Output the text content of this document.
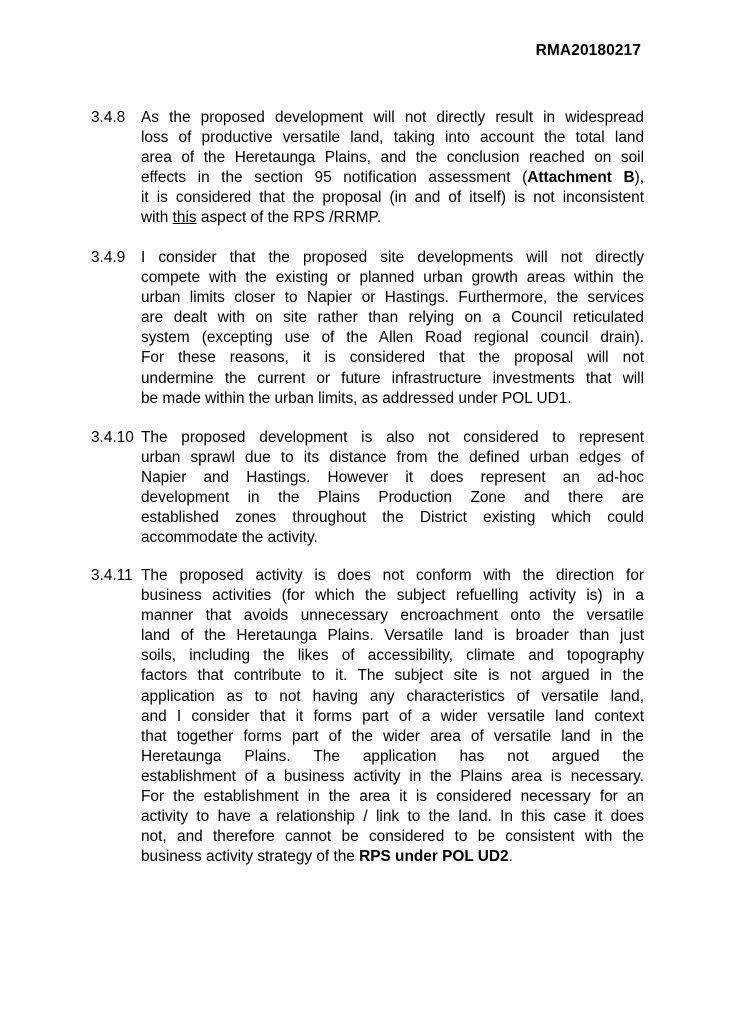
RMA20180217
3.4.8 As the proposed development will not directly result in widespread
loss of productive versatile land, taking into account the total land
area of the Heretaunga Plains, and the conclusion reached on soil
effects in the section 95 notification assessment (Attachment B),
it is considered that the proposal (in and of itself) is not inconsistent
with this aspect of the RPS /RRMP.
3.4.9 I consider that the proposed site developments will not directly
compete with the existing or planned urban growth areas within the
urban limits closer to Napier or Hastings. Furthermore, the services
are dealt with on site rather than relying on a Council reticulated
system (excepting use of the Allen Road regional council drain).
For these reasons, it is considered that the proposal will not
undermine the current or future infrastructure investments that will
be made within the urban limits, as addressed under POL UD1.
3.4.10 The proposed development is also not considered to represent
urban sprawl due to its distance from the defined urban edges of
Napier and Hastings. However it does represent an ad-hoc
development in the Plains Production Zone and there are
established zones throughout the District existing which could
accommodate the activity.
3.4.11 The proposed activity is does not conform with the direction for
business activities (for which the subject refuelling activity is) in a
manner that avoids unnecessary encroachment onto the versatile
land of the Heretaunga Plains. Versatile land is broader than just
soils, including the likes of accessibility, climate and topography
factors that contribute to it. The subject site is not argued in the
application as to not having any characteristics of versatile land,
and I consider that it forms part of a wider versatile land context
that together forms part of the wider area of versatile land in the
Heretaunga Plains. The application has not argued the
establishment of a business activity in the Plains area is necessary.
For the establishment in the area it is considered necessary for an
activity to have a relationship / link to the land. In this case it does
not, and therefore cannot be considered to be consistent with the
business activity strategy of the RPS under POL UD2.
